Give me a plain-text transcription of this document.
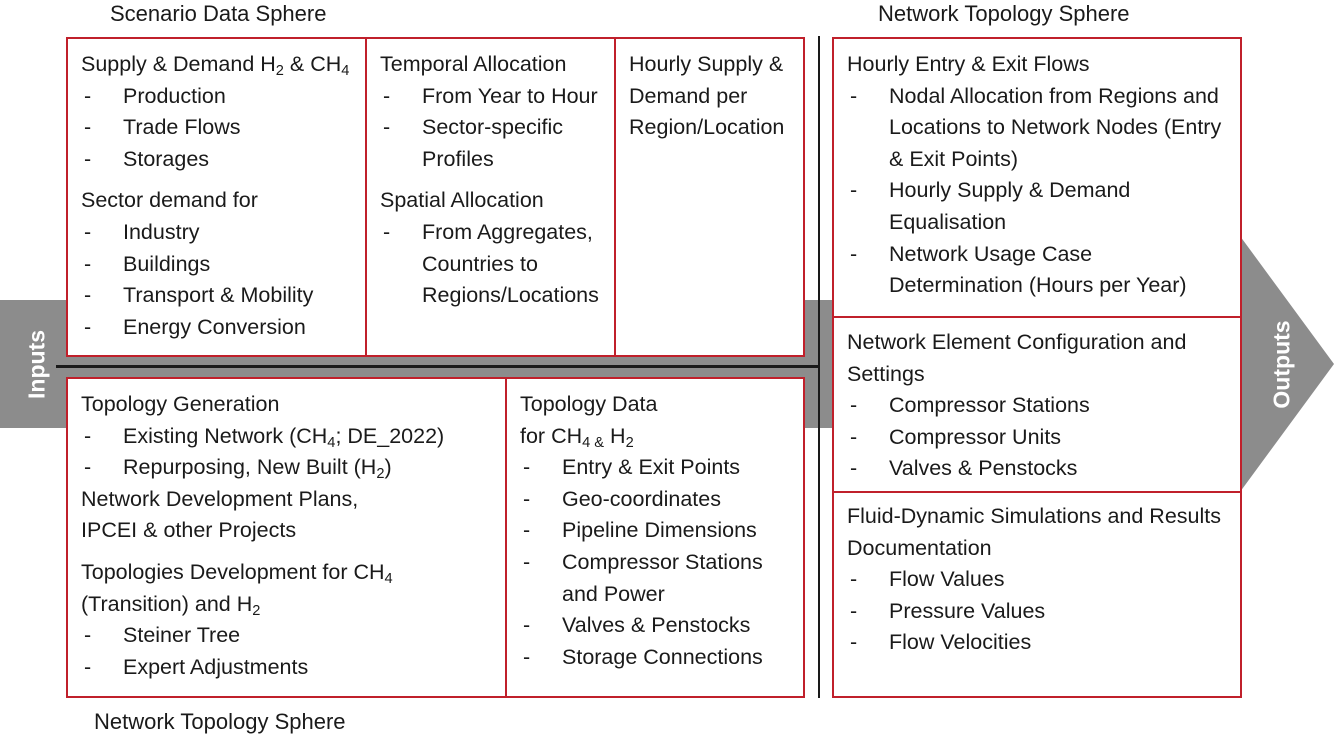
Inputs	Outputs
Scenario Data Sphere	Network Topology Sphere
Network Topology Sphere
Supply & Demand $H_2$ & $CH_4$
- Production
- Trade Flows
- Storages
Sector demand for
- Industry
- Buildings
- Transport & Mobility
- Energy Conversion
Temporal Allocation
- From Year to Hour
- Sector-specific Profiles
Spatial Allocation
- From Aggregates, Countries to Regions/Locations
Hourly Supply & Demand per Region/Location
Topology Generation
- Existing Network ($CH_4$; DE_2022)
- Repurposing, New Built $(H_2)$
Network Development Plans, IPCEI & other Projects
Topologies Development for $CH_4$ (Transition) and $H_2$
- Steiner Tree
- Expert Adjustments
Topology Data
for $CH_{4 \&}$ $H_2$
- Entry & Exit Points
- Geo-coordinates
- Pipeline Dimensions
- Compressor Stations and Power
- Valves & Penstocks
- Storage Connections
Hourly Entry & Exit Flows
- Nodal Allocation from Regions and Locations to Network Nodes (Entry & Exit Points)
- Hourly Supply & Demand Equalisation
- Network Usage Case Determination (Hours per Year)
Network Element Configuration and Settings
- Compressor Stations
- Compressor Units
- Valves & Penstocks
Fluid-Dynamic Simulations and Results Documentation
- Flow Values
- Pressure Values
- Flow Velocities
